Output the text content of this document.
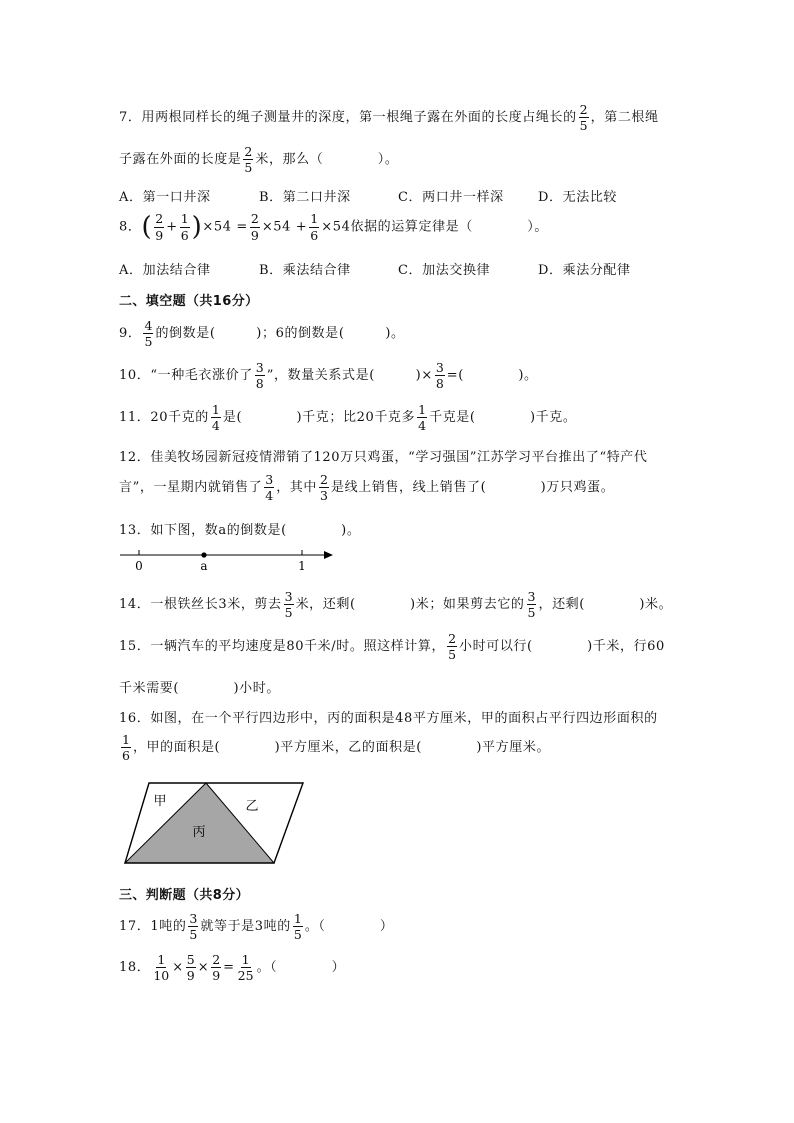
7．用两根同样长的绳子测量井的深度，第一根绳子露在外面的长度占绳长的 $\frac{2}{5}$ ，第二根绳
子露在外面的长度是 $\frac{2}{5}$ 米，那么（　　　　）。
A．第一口井深	B．第二口井深	C．两口井一样深	D．无法比较
8．( $\frac{2}{9} + \frac{1}{6} )\times 54 = \frac{2}{9} \times 54 + \frac{1}{6} \times 54$依据的运算定律是（　　　　）。
A．加法结合律	B．乘法结合律	C．加法交换律	D．乘法分配律
二、填空题（共16分）
9． $\frac{4}{5}$ 的倒数是(　　　)；6的倒数是(　　　)。
10．“一种毛衣涨价了 $\frac{3}{8}$ ”，数量关系式是(　　　)× $\frac{3}{8}$ =(　　　　)。
11．20千克的 $\frac{1}{4}$ 是(　　　　)千克；比20千克多 $\frac{1}{4}$ 千克是(　　　　)千克。
12．佳美牧场园新冠疫情滞销了120万只鸡蛋，“学习强国”江苏学习平台推出了“特产代
言”，一星期内就销售了 $\frac{3}{4}$ ，其中 $\frac{2}{3}$ 是线上销售，线上销售了(　　　　)万只鸡蛋。
13．如下图，数a的倒数是(　　　　)。
0	a	1
14．一根铁丝长3米，剪去 $\frac{3}{5}$ 米，还剩(　　　　)米；如果剪去它的 $\frac{3}{5}$ ，还剩(　　　　)米。
15．一辆汽车的平均速度是80千米/时。照这样计算， $\frac{2}{5}$ 小时可以行(　　　　)千米，行60
千米需要(　　　　)小时。
16．如图，在一个平行四边形中，丙的面积是48平方厘米，甲的面积占平行四边形面积的
$\frac{1}{6}$ ，甲的面积是(　　　　)平方厘米，乙的面积是(　　　　)平方厘米。
甲	乙
丙
三、判断题（共8分）
17．1吨的 $\frac{3}{5}$ 就等于是3吨的 $\frac{1}{5}$ 。（　　　　）
18． $\frac{1}{10} \times \frac{5}{9} \times \frac{2}{9} = \frac{1}{25}$ 。（　　　　）
